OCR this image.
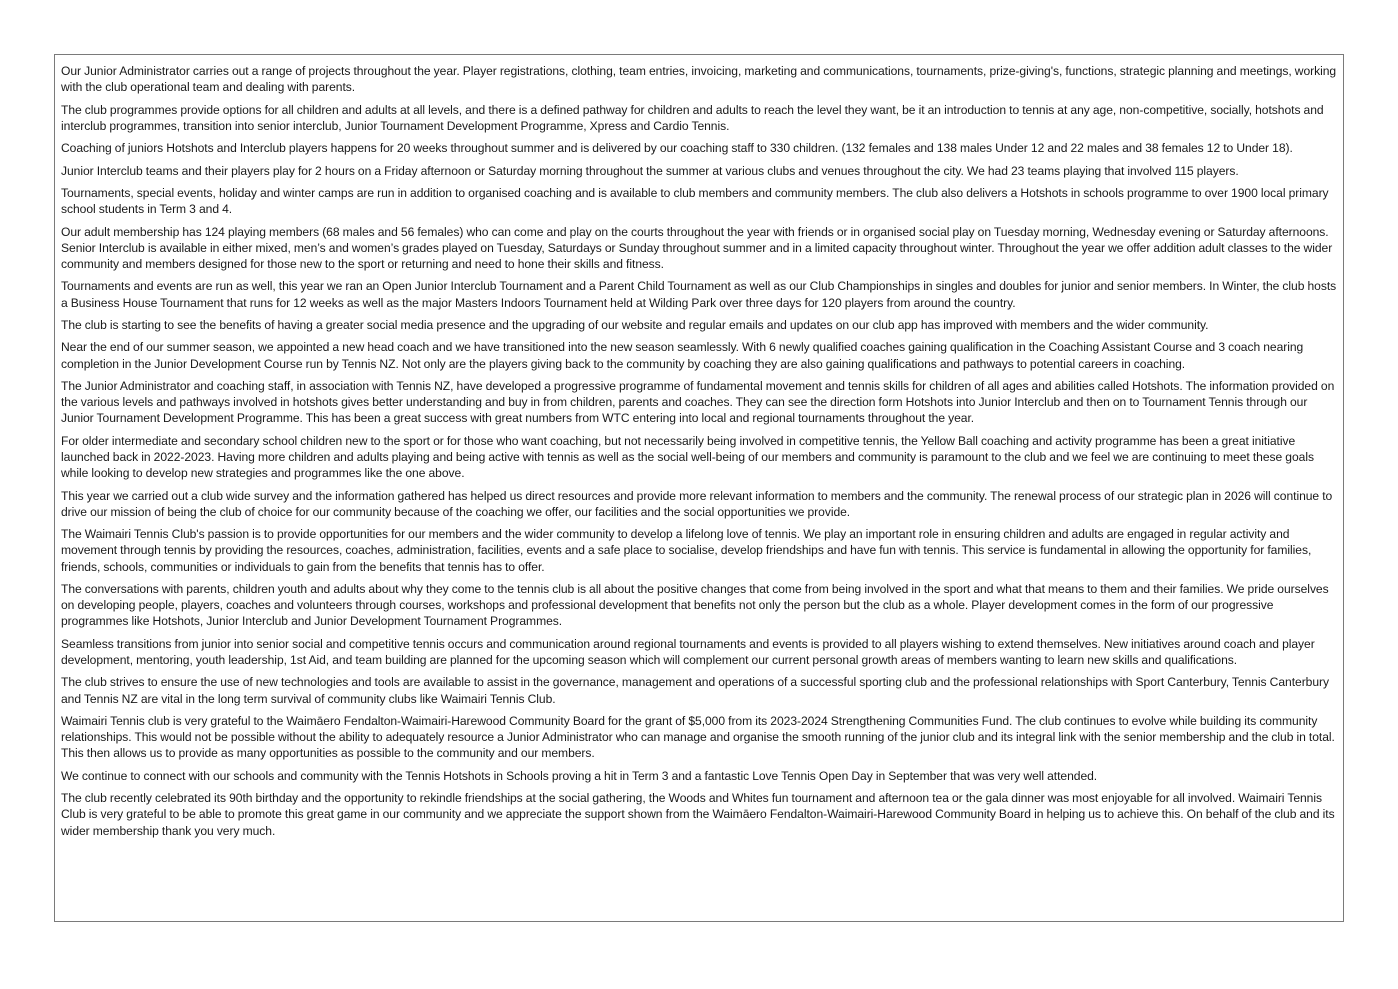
Our Junior Administrator carries out a range of projects throughout the year. Player registrations, clothing, team entries, invoicing, marketing and communications, tournaments, prize-giving's, functions, strategic planning and meetings, working with the club operational team and dealing with parents.

The club programmes provide options for all children and adults at all levels, and there is a defined pathway for children and adults to reach the level they want, be it an introduction to tennis at any age, non-competitive, socially, hotshots and interclub programmes, transition into senior interclub, Junior Tournament Development Programme, Xpress and Cardio Tennis.

Coaching of juniors Hotshots and Interclub players happens for 20 weeks throughout summer and is delivered by our coaching staff to 330 children. (132 females and 138 males Under 12 and 22 males and 38 females 12 to Under 18).

Junior Interclub teams and their players play for 2 hours on a Friday afternoon or Saturday morning throughout the summer at various clubs and venues throughout the city. We had 23 teams playing that involved 115 players.

Tournaments, special events, holiday and winter camps are run in addition to organised coaching and is available to club members and community members. The club also delivers a Hotshots in schools programme to over 1900 local primary school students in Term 3 and 4.

Our adult membership has 124 playing members (68 males and 56 females) who can come and play on the courts throughout the year with friends or in organised social play on Tuesday morning, Wednesday evening or Saturday afternoons. Senior Interclub is available in either mixed, men’s and women’s grades played on Tuesday, Saturdays or Sunday throughout summer and in a limited capacity throughout winter. Throughout the year we offer addition adult classes to the wider community and members designed for those new to the sport or returning and need to hone their skills and fitness.

Tournaments and events are run as well, this year we ran an Open Junior Interclub Tournament and a Parent Child Tournament as well as our Club Championships in singles and doubles for junior and senior members. In Winter, the club hosts a Business House Tournament that runs for 12 weeks as well as the major Masters Indoors Tournament held at Wilding Park over three days for 120 players from around the country.

The club is starting to see the benefits of having a greater social media presence and the upgrading of our website and regular emails and updates on our club app has improved with members and the wider community.

Near the end of our summer season, we appointed a new head coach and we have transitioned into the new season seamlessly. With 6 newly qualified coaches gaining qualification in the Coaching Assistant Course and 3 coach nearing completion in the Junior Development Course run by Tennis NZ. Not only are the players giving back to the community by coaching they are also gaining qualifications and pathways to potential careers in coaching.

The Junior Administrator and coaching staff, in association with Tennis NZ, have developed a progressive programme of fundamental movement and tennis skills for children of all ages and abilities called Hotshots. The information provided on the various levels and pathways involved in hotshots gives better understanding and buy in from children, parents and coaches. They can see the direction form Hotshots into Junior Interclub and then on to Tournament Tennis through our Junior Tournament Development Programme. This has been a great success with great numbers from WTC entering into local and regional tournaments throughout the year.

For older intermediate and secondary school children new to the sport or for those who want coaching, but not necessarily being involved in competitive tennis, the Yellow Ball coaching and activity programme has been a great initiative launched back in 2022-2023. Having more children and adults playing and being active with tennis as well as the social well-being of our members and community is paramount to the club and we feel we are continuing to meet these goals while looking to develop new strategies and programmes like the one above.

This year we carried out a club wide survey and the information gathered has helped us direct resources and provide more relevant information to members and the community. The renewal process of our strategic plan in 2026 will continue to drive our mission of being the club of choice for our community because of the coaching we offer, our facilities and the social opportunities we provide.

The Waimairi Tennis Club's passion is to provide opportunities for our members and the wider community to develop a lifelong love of tennis. We play an important role in ensuring children and adults are engaged in regular activity and movement through tennis by providing the resources, coaches, administration, facilities, events and a safe place to socialise, develop friendships and have fun with tennis. This service is fundamental in allowing the opportunity for families, friends, schools, communities or individuals to gain from the benefits that tennis has to offer.

The conversations with parents, children youth and adults about why they come to the tennis club is all about the positive changes that come from being involved in the sport and what that means to them and their families. We pride ourselves on developing people, players, coaches and volunteers through courses, workshops and professional development that benefits not only the person but the club as a whole. Player development comes in the form of our progressive programmes like Hotshots, Junior Interclub and Junior Development Tournament Programmes.

Seamless transitions from junior into senior social and competitive tennis occurs and communication around regional tournaments and events is provided to all players wishing to extend themselves. New initiatives around coach and player development, mentoring, youth leadership, 1st Aid, and team building are planned for the upcoming season which will complement our current personal growth areas of members wanting to learn new skills and qualifications.

The club strives to ensure the use of new technologies and tools are available to assist in the governance, management and operations of a successful sporting club and the professional relationships with Sport Canterbury, Tennis Canterbury and Tennis NZ are vital in the long term survival of community clubs like Waimairi Tennis Club.

Waimairi Tennis club is very grateful to the Waimāero Fendalton-Waimairi-Harewood Community Board for the grant of $5,000 from its 2023-2024 Strengthening Communities Fund. The club continues to evolve while building its community relationships. This would not be possible without the ability to adequately resource a Junior Administrator who can manage and organise the smooth running of the junior club and its integral link with the senior membership and the club in total. This then allows us to provide as many opportunities as possible to the community and our members.

We continue to connect with our schools and community with the Tennis Hotshots in Schools proving a hit in Term 3 and a fantastic Love Tennis Open Day in September that was very well attended.

The club recently celebrated its 90th birthday and the opportunity to rekindle friendships at the social gathering, the Woods and Whites fun tournament and afternoon tea or the gala dinner was most enjoyable for all involved. Waimairi Tennis Club is very grateful to be able to promote this great game in our community and we appreciate the support shown from the Waimāero Fendalton-Waimairi-Harewood Community Board in helping us to achieve this. On behalf of the club and its wider membership thank you very much.
